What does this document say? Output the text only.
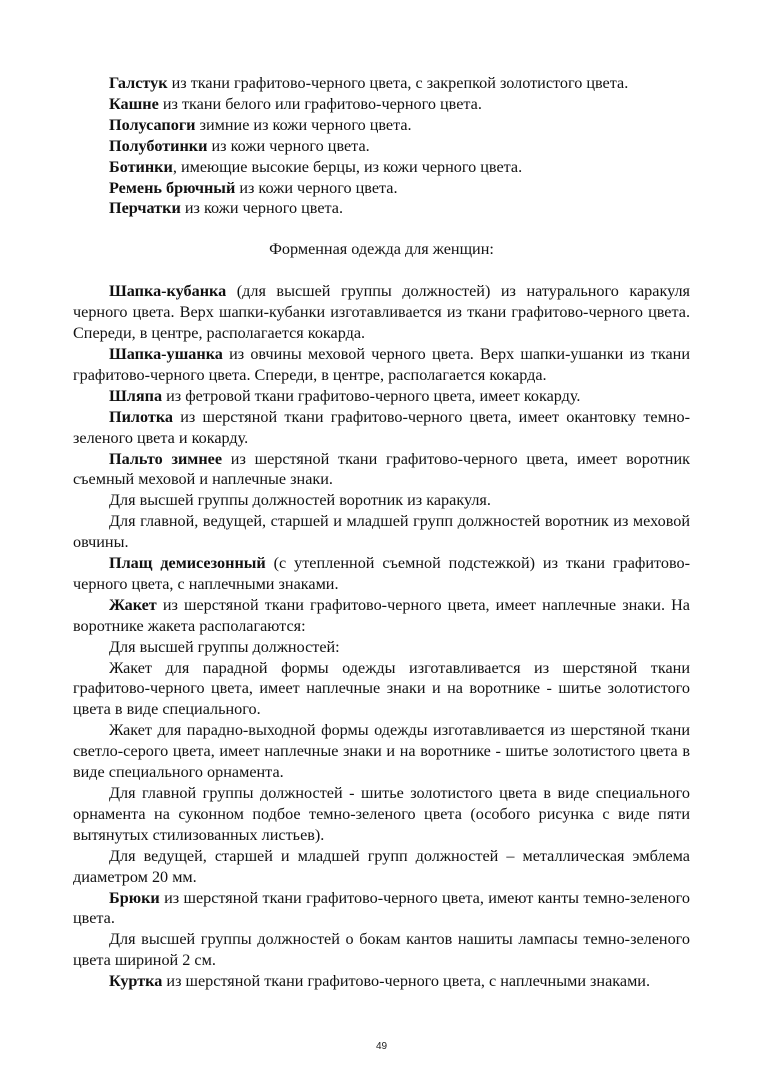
Галстук из ткани графитово-черного цвета, с закрепкой золотистого цвета.

Кашне из ткани белого или графитово-черного цвета.

Полусапоги зимние из кожи черного цвета.

Полуботинки из кожи черного цвета.

Ботинки, имеющие высокие берцы, из кожи черного цвета.

Ремень брючный из кожи черного цвета.

Перчатки из кожи черного цвета.

Форменная одежда для женщин:

Шапка-кубанка (для высшей группы должностей) из натурального каракуля черного цвета. Верх шапки-кубанки изготавливается из ткани графитово-черного цвета. Спереди, в центре, располагается кокарда.

Шапка-ушанка из овчины меховой черного цвета. Верх шапки-ушанки из ткани графитово-черного цвета. Спереди, в центре, располагается кокарда.

Шляпа из фетровой ткани графитово-черного цвета, имеет кокарду.

Пилотка из шерстяной ткани графитово-черного цвета, имеет окантовку темно-зеленого цвета и кокарду.

Пальто зимнее из шерстяной ткани графитово-черного цвета, имеет воротник съемный меховой и наплечные знаки.

Для высшей группы должностей воротник из каракуля.

Для главной, ведущей, старшей и младшей групп должностей воротник из меховой овчины.

Плащ демисезонный (с утепленной съемной подстежкой) из ткани графитово-черного цвета, с наплечными знаками.

Жакет из шерстяной ткани графитово-черного цвета, имеет наплечные знаки. На воротнике жакета располагаются:

Для высшей группы должностей:

Жакет для парадной формы одежды изготавливается из шерстяной ткани графитово-черного цвета, имеет наплечные знаки и на воротнике - шитье золотистого цвета в виде специального.

Жакет для парадно-выходной формы одежды изготавливается из шерстяной ткани светло-серого цвета, имеет наплечные знаки и на воротнике - шитье золотистого цвета в виде специального орнамента.

Для главной группы должностей - шитье золотистого цвета в виде специального орнамента на суконном подбое темно-зеленого цвета (особого рисунка с виде пяти вытянутых стилизованных листьев).

Для ведущей, старшей и младшей групп должностей – металлическая эмблема диаметром 20 мм.

Брюки из шерстяной ткани графитово-черного цвета, имеют канты темно-зеленого цвета.

Для высшей группы должностей о бокам кантов нашиты лампасы темно-зеленого цвета шириной 2 см.

Куртка из шерстяной ткани графитово-черного цвета, с наплечными знаками.

49
